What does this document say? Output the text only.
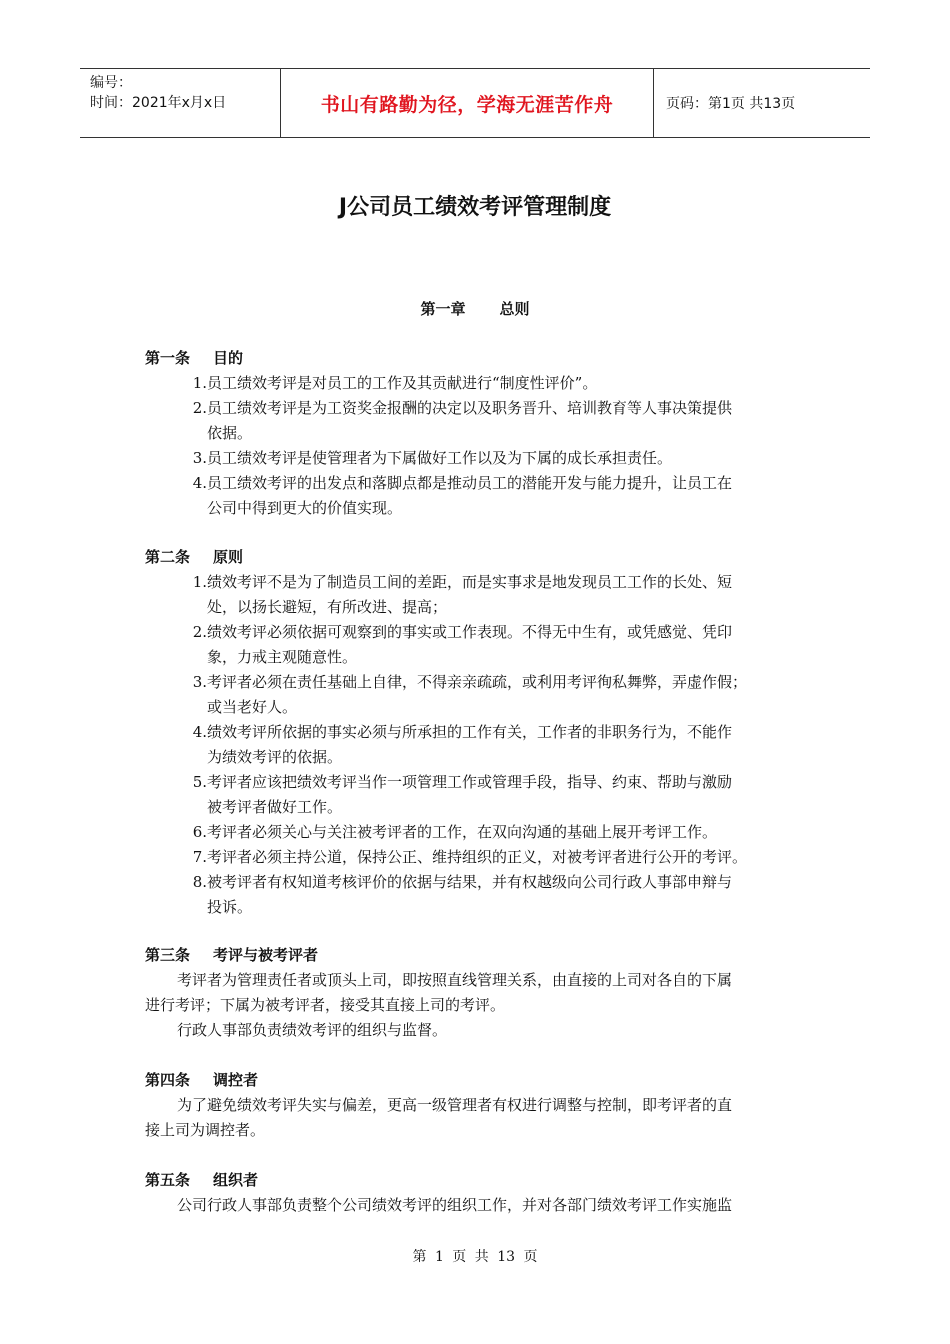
编号：
时间：2021年x月x日	书山有路勤为径，学海无涯苦作舟	页码：第1页 共13页
J公司员工绩效考评管理制度
第一章 总则
第一条 目的
1. 员工绩效考评是对员工的工作及其贡献进行“制度性评价”。
2. 员工绩效考评是为工资奖金报酬的决定以及职务晋升、培训教育等人事决策提供
依据。
3. 员工绩效考评是使管理者为下属做好工作以及为下属的成长承担责任。
4. 员工绩效考评的出发点和落脚点都是推动员工的潜能开发与能力提升，让员工在
公司中得到更大的价值实现。
第二条 原则
1. 绩效考评不是为了制造员工间的差距，而是实事求是地发现员工工作的长处、短
处，以扬长避短，有所改进、提高；
2. 绩效考评必须依据可观察到的事实或工作表现。不得无中生有，或凭感觉、凭印
象，力戒主观随意性。
3. 考评者必须在责任基础上自律，不得亲亲疏疏，或利用考评徇私舞弊，弄虚作假；
或当老好人。
4. 绩效考评所依据的事实必须与所承担的工作有关，工作者的非职务行为，不能作
为绩效考评的依据。
5. 考评者应该把绩效考评当作一项管理工作或管理手段，指导、约束、帮助与激励
被考评者做好工作。
6. 考评者必须关心与关注被考评者的工作，在双向沟通的基础上展开考评工作。
7. 考评者必须主持公道，保持公正、维持组织的正义，对被考评者进行公开的考评。
8. 被考评者有权知道考核评价的依据与结果，并有权越级向公司行政人事部申辩与
投诉。
第三条 考评与被考评者
考评者为管理责任者或顶头上司，即按照直线管理关系，由直接的上司对各自的下属
进行考评；下属为被考评者，接受其直接上司的考评。
行政人事部负责绩效考评的组织与监督。
第四条 调控者
为了避免绩效考评失实与偏差，更高一级管理者有权进行调整与控制，即考评者的直
接上司为调控者。
第五条 组织者
公司行政人事部负责整个公司绩效考评的组织工作，并对各部门绩效考评工作实施监
第 1 页 共 13 页
